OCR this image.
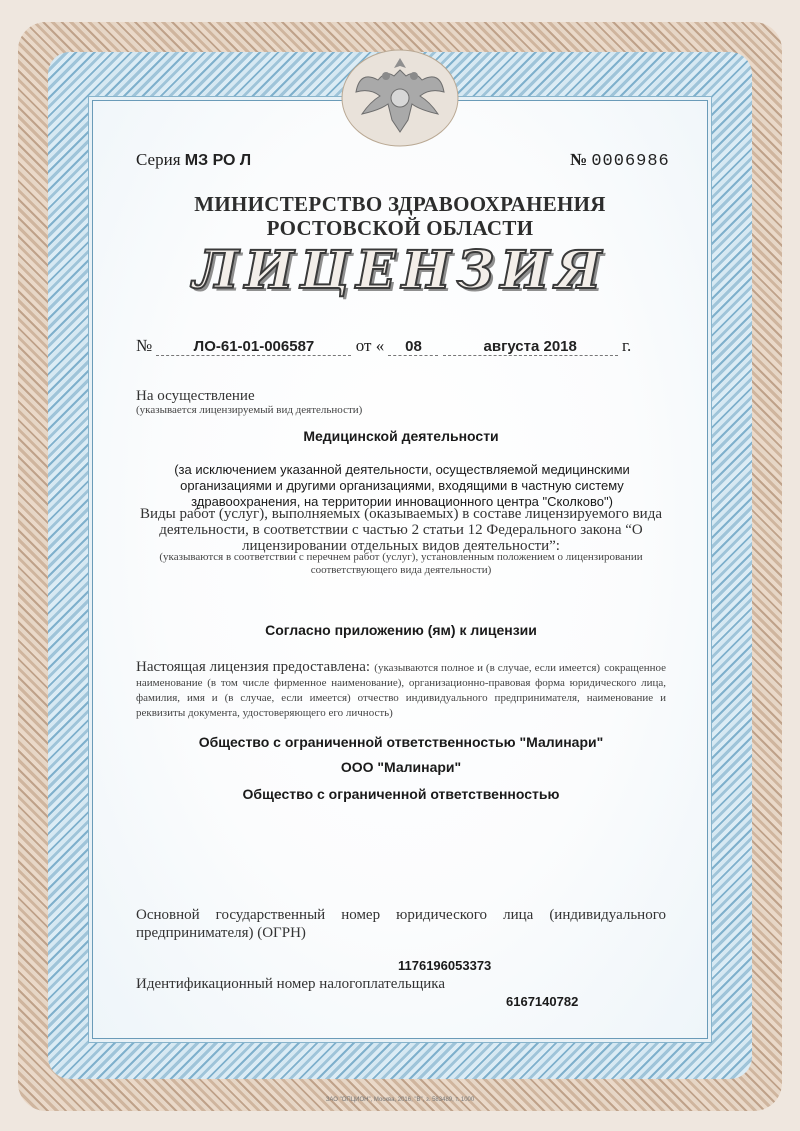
Серия МЗ РО Л	№ 0006986
МИНИСТЕРСТВО ЗДРАВООХРАНЕНИЯ
РОСТОВСКОЙ ОБЛАСТИ
ЛИЦЕНЗИЯ
№	ЛО-61-01-006587 от « 08	августа 2018	г.
На осуществление
(указывается лицензируемый вид деятельности)
Медицинской деятельности
(за исключением указанной деятельности, осуществляемой медицинскими организациями и другими организациями, входящими в частную систему здравоохранения, на территории инновационного центра "Сколково")
Виды работ (услуг), выполняемых (оказываемых) в составе лицензируемого вида деятельности, в соответствии с частью 2 статьи 12 Федерального закона “О лицензировании отдельных видов деятельности”:
(указываются в соответствии с перечнем работ (услуг), установленным положением о лицензировании соответствующего вида деятельности)
Согласно приложению (ям) к лицензии
Настоящая лицензия предоставлена: (указываются полное и (в случае, если имеется) сокращенное наименование (в том числе фирменное наименование), организационно-правовая форма юридического лица, фамилия, имя и (в случае, если имеется) отчество индивидуального предпринимателя, наименование и реквизиты документа, удостоверяющего его личность)
Общество с ограниченной ответственностью "Малинари"
ООО "Малинари"
Общество с ограниченной ответственностью
Основной государственный номер юридического лица (индивидуального предпринимателя) (ОГРН)
1176196053373
Идентификационный номер налогоплательщика
6167140782
ЗАО "ОПЦИОН", Москва, 2016, "В", з. 583489, т. 1000
